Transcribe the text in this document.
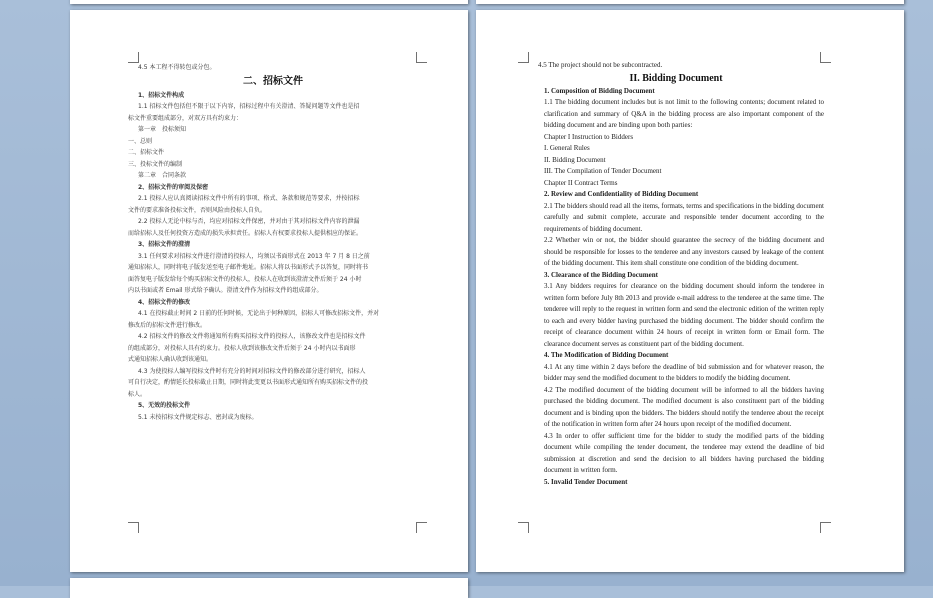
4.5 本工程不得转包或分包。
二、招标文件
1、招标文件构成
1.1 招标文件包括但不限于以下内容，招标过程中有关澄清、答疑问题等文件也是招
标文件重要组成部分，对双方具有约束力：
第一章　投标须知
一、总则
二、招标文件
三、投标文件的编制
第二章　合同条款
2、招标文件的审阅及保密
2.1 投标人应认真阅读招标文件中所有的事项、格式、条款和规范等要求，并按招标
文件的要求准备投标文件，否则风险由投标人自负。
2.2 投标人无论中标与否，均应对招标文件保密，并对由于其对招标文件内容的泄漏
而给招标人及任何投资方造成的损失承担责任。招标人有权要求投标人提供相应的保证。
3、招标文件的澄清
3.1 任何要求对招标文件进行澄清的投标人，均须以书面形式在 2013 年 7 月 8 日之前
通知招标人，同时将电子版发送至电子邮件地址。招标人将以书面形式予以答复，同时将书
面答复电子版发给每个购买招标文件的投标人，投标人在收到该澄清文件后须于 24 小时
内以书面或者 Email 形式给予确认。澄清文件作为招标文件的组成部分。
4、招标文件的修改
4.1 在投标截止时间 2 日前的任何时候，无论出于何种原因，招标人可修改招标文件，并对
修改后的招标文件进行修改。
4.2 招标文件的修改文件将通知所有购买招标文件的投标人，该修改文件也是招标文件
的组成部分，对投标人具有约束力。投标人收到该修改文件后须于 24 小时内以书面形
式通知招标人确认收到该通知。
4.3 为使投标人编写投标文件时有充分的时间对招标文件的修改部分进行研究，招标人
可自行决定，酌情延长投标截止日期，同时将此变更以书面形式通知所有购买招标文件的投
标人。
5、无效的投标文件
5.1 未按招标文件规定标志、密封或为废标。
4.5 The project should not be subcontracted.
II. Bidding Document
1. Composition of Bidding Document
1.1 The bidding document includes but is not limit to the following contents; document related to clarification and summary of Q&A in the bidding process are also important component of the bidding document and are binding upon both parties:
Chapter I Instruction to Bidders
I. General Rules
II. Bidding Document
III. The Compilation of Tender Document
Chapter II Contract Terms
2. Review and Confidentiality of Bidding Document
2.1 The bidders should read all the items, formats, terms and specifications in the bidding document carefully and submit complete, accurate and responsible tender document according to the requirements of bidding document.
2.2 Whether win or not, the bidder should guarantee the secrecy of the bidding document and should be responsible for losses to the tenderee and any investors caused by leakage of the content of the bidding document. This item shall constitute one condition of the bidding document.
3. Clearance of the Bidding Document
3.1 Any bidders requires for clearance on the bidding document should inform the tenderee in written form before July 8th 2013 and provide e-mail address to the tenderee at the same time. The tenderee will reply to the request in written form and send the electronic edition of the written reply to each and every bidder having purchased the bidding document. The bidder should confirm the receipt of clearance document within 24 hours of receipt in written form or Email form. The clearance document serves as constituent part of the bidding document.
4. The Modification of Bidding Document
4.1 At any time within 2 days before the deadline of bid submission and for whatever reason, the bidder may send the modified document to the bidders to modify the bidding document.
4.2 The modified document of the bidding document will be informed to all the bidders having purchased the bidding document. The modified document is also constituent part of the bidding document and is binding upon the bidders. The bidders should notify the tenderee about the receipt of the notification in written form after 24 hours upon receipt of the modified document.
4.3 In order to offer sufficient time for the bidder to study the modified parts of the bidding document while compiling the tender document, the tenderee may extend the deadline of bid submission at discretion and send the decision to all bidders having purchased the bidding document in written form.
5. Invalid Tender Document
